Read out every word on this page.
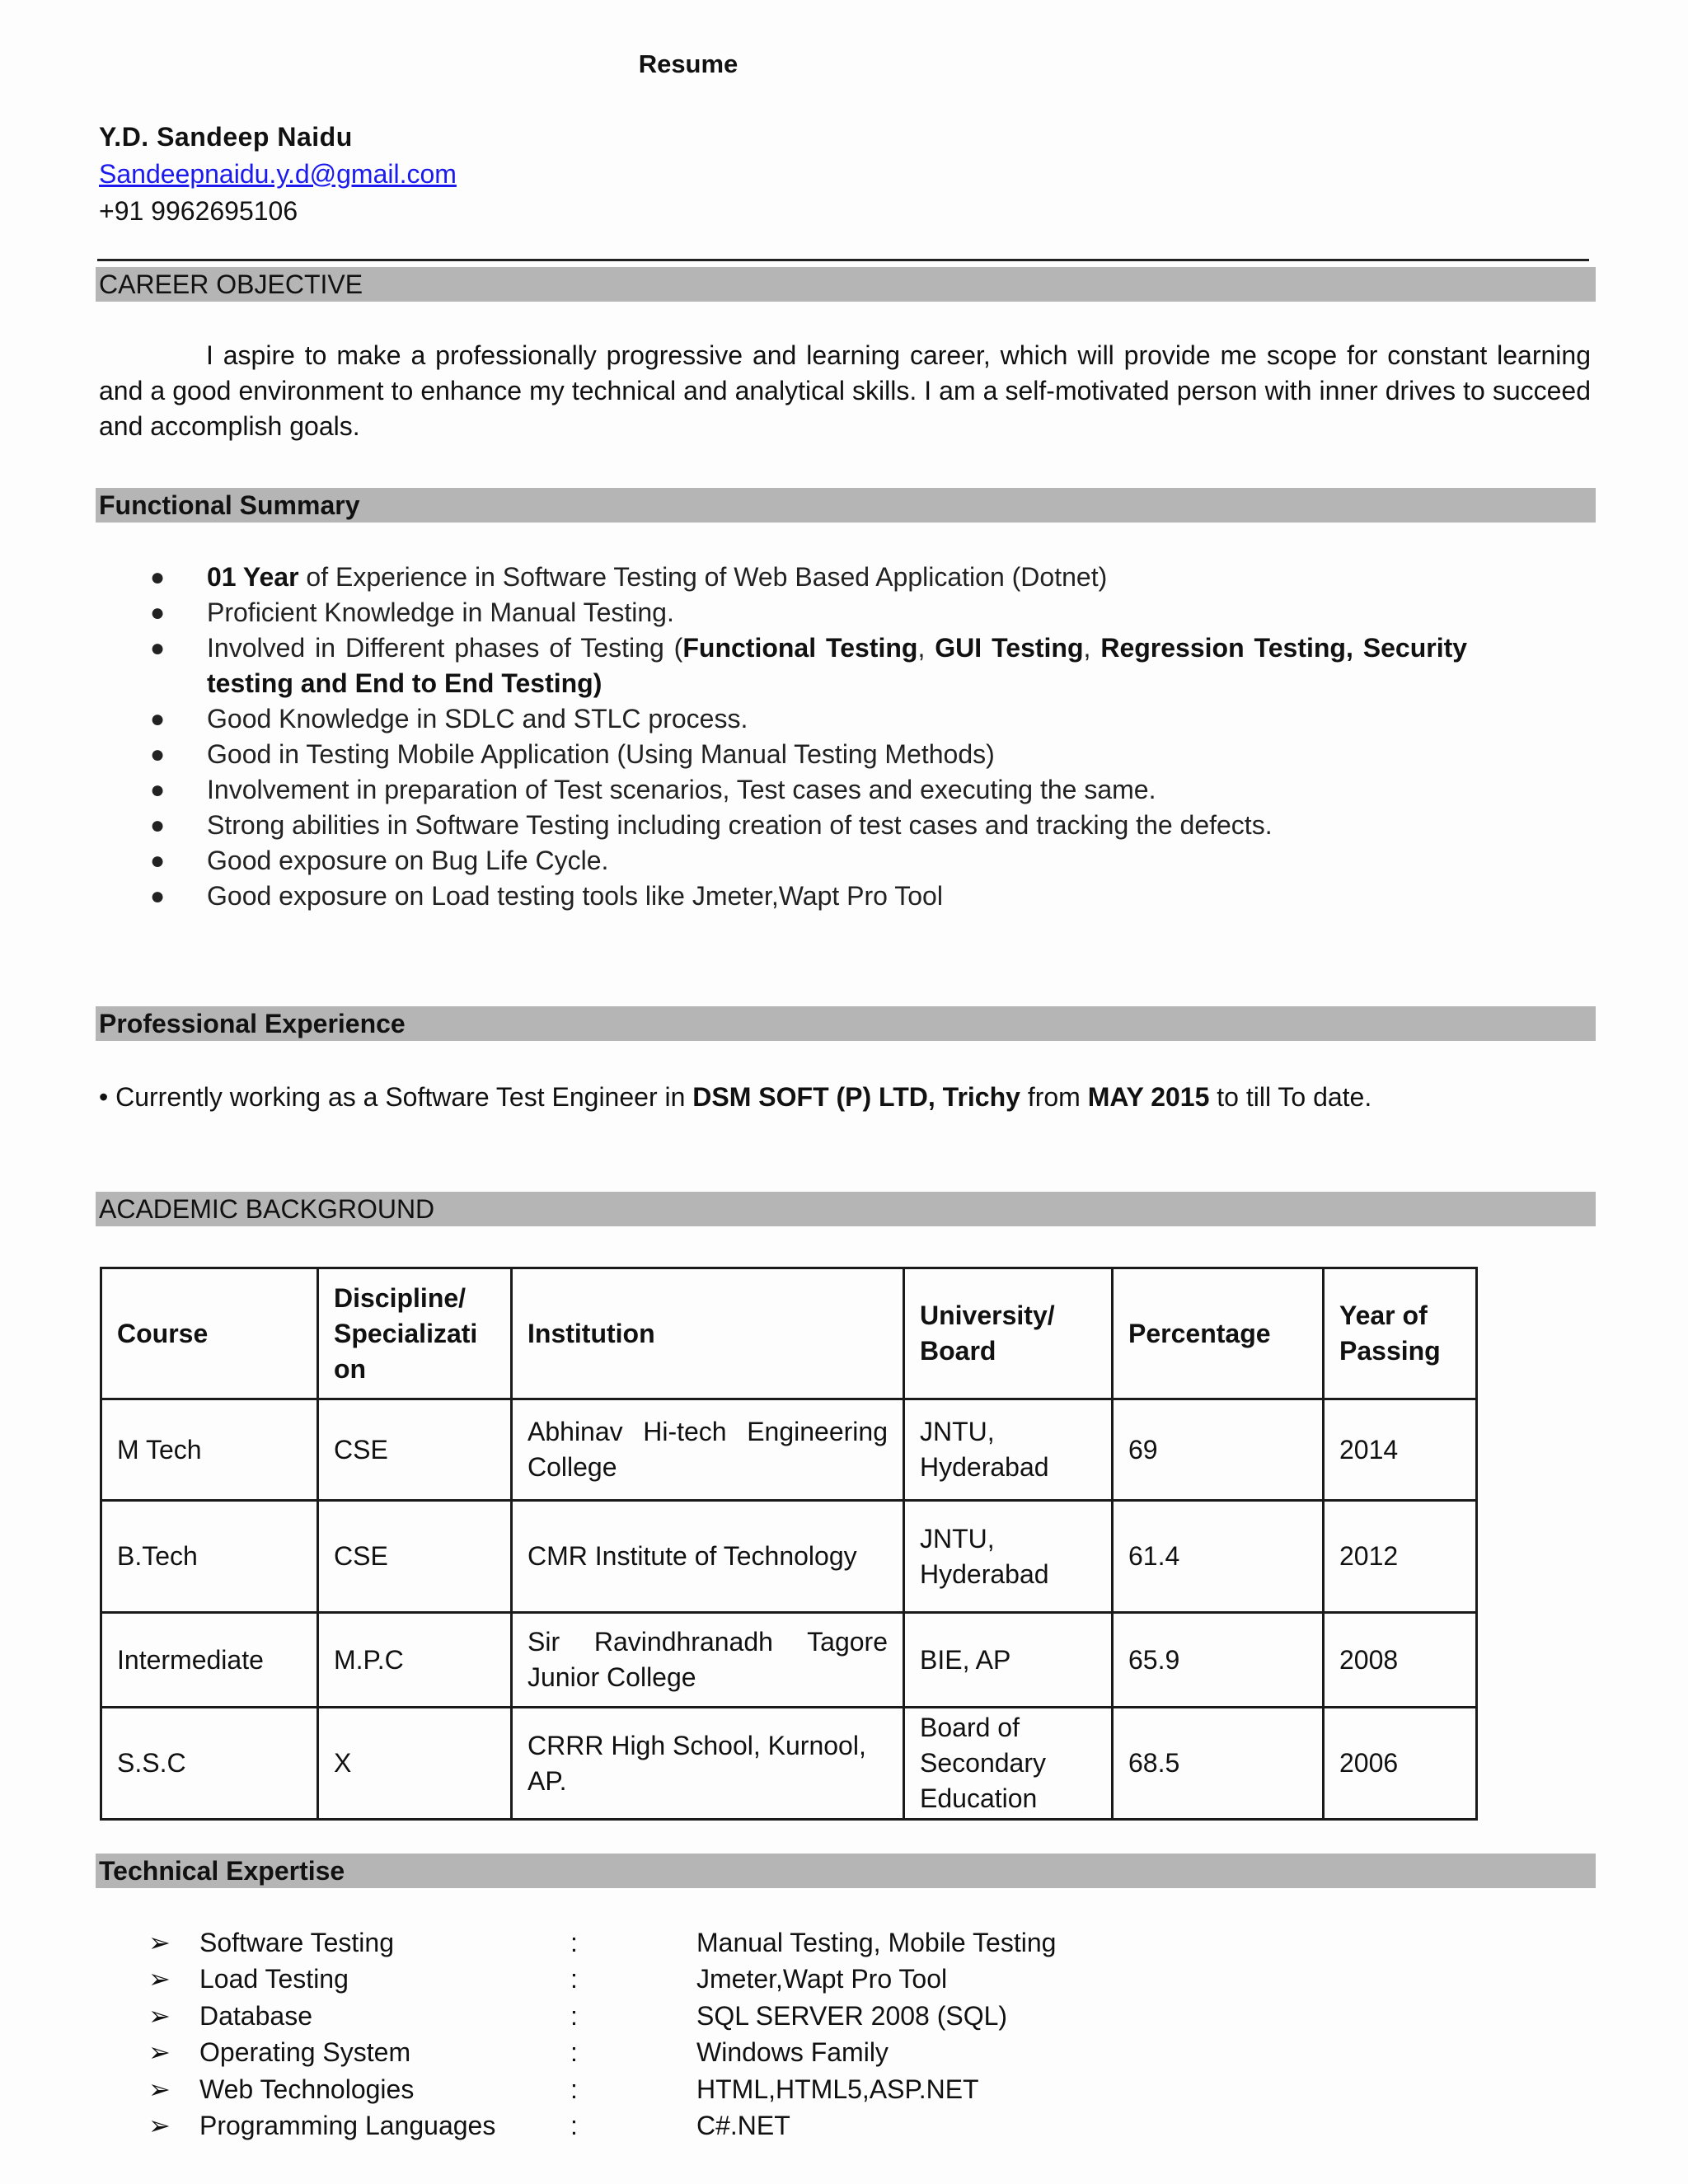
Resume
Y.D. Sandeep Naidu
Sandeepnaidu.y.d@gmail.com
+91 9962695106
CAREER OBJECTIVE
I aspire to make a professionally progressive and learning career, which will provide me scope for constant learning and a good environment to enhance my technical and analytical skills. I am a self-motivated person with inner drives to succeed and accomplish goals.
Functional Summary
● 01 Year of Experience in Software Testing of Web Based Application (Dotnet)
● Proficient Knowledge in Manual Testing.
● Involved in Different phases of Testing (Functional Testing, GUI Testing, Regression Testing, Security testing and End to End Testing)
● Good Knowledge in SDLC and STLC process.
● Good in Testing Mobile Application (Using Manual Testing Methods)
● Involvement in preparation of Test scenarios, Test cases and executing the same.
● Strong abilities in Software Testing including creation of test cases and tracking the defects.
● Good exposure on Bug Life Cycle.
● Good exposure on Load testing tools like Jmeter,Wapt Pro Tool
Professional Experience
• Currently working as a Software Test Engineer in DSM SOFT (P) LTD, Trichy from MAY 2015 to till To date.
ACADEMIC BACKGROUND
Course	Discipline/ Specializati on	Institution	University/ Board	Percentage	Year of Passing
M Tech	CSE	Abhinav Hi-tech Engineering College	JNTU, Hyderabad	69	2014
B.Tech	CSE	CMR Institute of Technology	JNTU, Hyderabad	61.4	2012
Intermediate	M.P.C	Sir Ravindhranadh Tagore Junior College	BIE, AP	65.9	2008
S.S.C	X	CRRR High School, Kurnool, AP.	Board of Secondary Education	68.5	2006
Technical Expertise
➢ Software Testing	:	Manual Testing, Mobile Testing
➢ Load Testing	:	Jmeter,Wapt Pro Tool
➢ Database	:	SQL SERVER 2008 (SQL)
➢ Operating System	:	Windows Family
➢ Web Technologies	:	HTML,HTML5,ASP.NET
➢ Programming Languages	:	C#.NET
